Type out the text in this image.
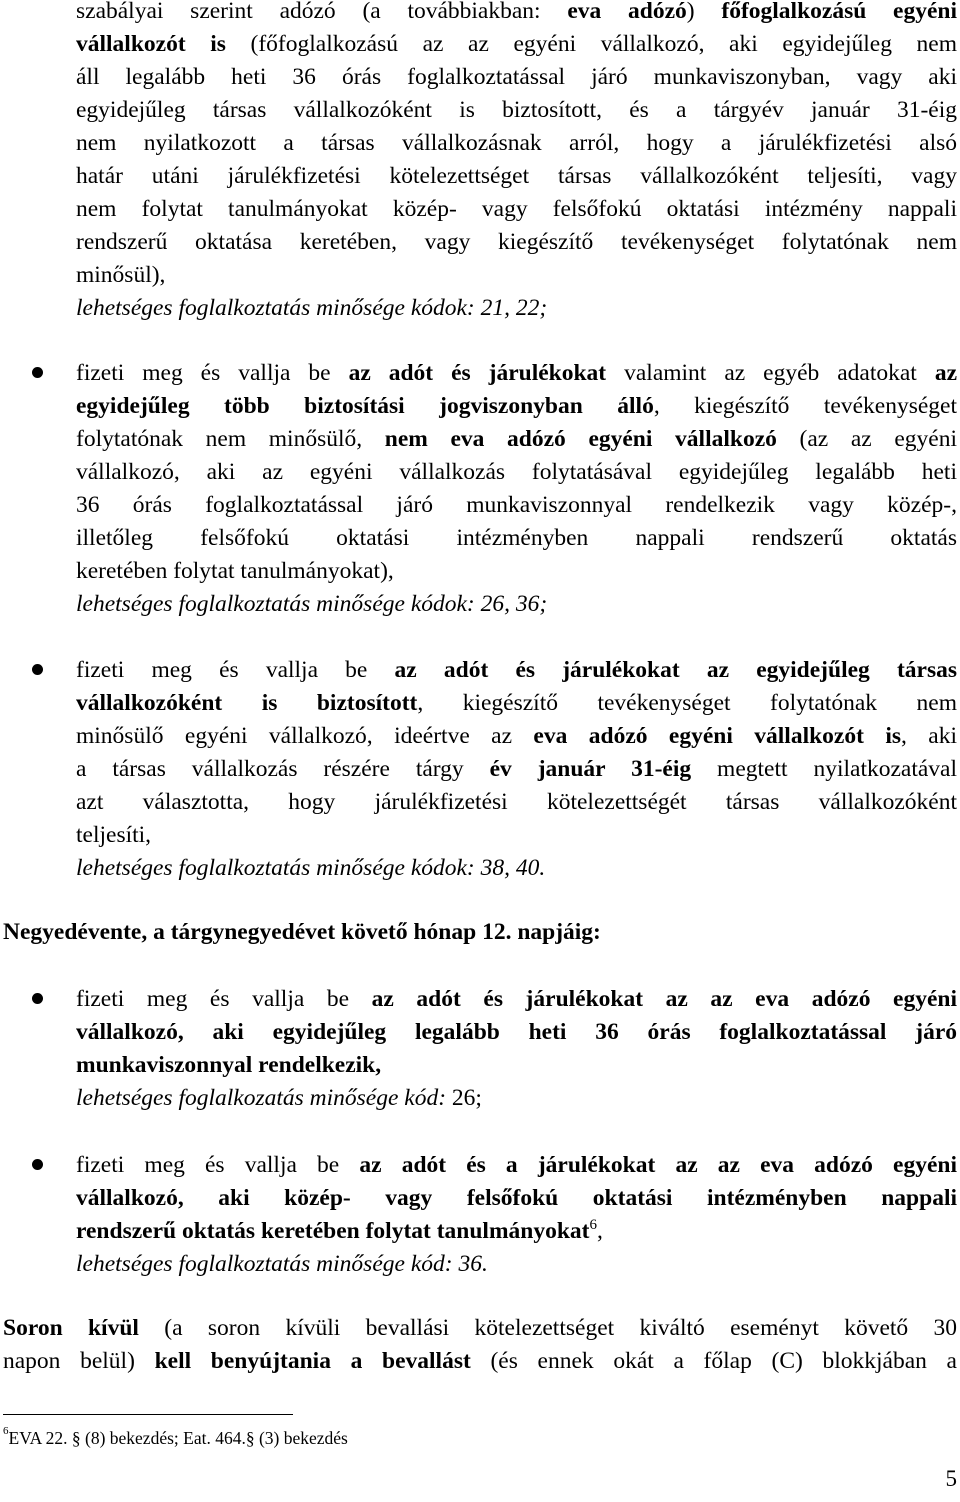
szabályai szerint adózó (a továbbiakban: eva adózó) főfoglalkozású egyéni
vállalkozót is (főfoglalkozású az az egyéni vállalkozó, aki egyidejűleg nem
áll legalább heti 36 órás foglalkoztatással járó munkaviszonyban, vagy aki
egyidejűleg társas vállalkozóként is biztosított, és a tárgyév január 31-éig
nem nyilatkozott a társas vállalkozásnak arról, hogy a járulékfizetési alsó
határ utáni járulékfizetési kötelezettséget társas vállalkozóként teljesíti, vagy
nem folytat tanulmányokat közép- vagy felsőfokú oktatási intézmény nappali
rendszerű oktatása keretében, vagy kiegészítő tevékenységet folytatónak nem
minősül),
lehetséges foglalkoztatás minősége kódok: 21, 22;
fizeti meg és vallja be az adót és járulékokat valamint az egyéb adatokat az
egyidejűleg több biztosítási jogviszonyban álló, kiegészítő tevékenységet
folytatónak nem minősülő, nem eva adózó egyéni vállalkozó (az az egyéni
vállalkozó, aki az egyéni vállalkozás folytatásával egyidejűleg legalább heti
36 órás foglalkoztatással járó munkaviszonnyal rendelkezik vagy közép-,
illetőleg felsőfokú oktatási intézményben nappali rendszerű oktatás
keretében folytat tanulmányokat),
lehetséges foglalkoztatás minősége kódok: 26, 36;
fizeti meg és vallja be az adót és járulékokat az egyidejűleg társas
vállalkozóként is biztosított, kiegészítő tevékenységet folytatónak nem
minősülő egyéni vállalkozó, ideértve az eva adózó egyéni vállalkozót is, aki
a társas vállalkozás részére tárgy év január 31-éig megtett nyilatkozatával
azt választotta, hogy járulékfizetési kötelezettségét társas vállalkozóként
teljesíti,
lehetséges foglalkoztatás minősége kódok: 38, 40.
Negyedévente, a tárgynegyedévet követő hónap 12. napjáig:
fizeti meg és vallja be az adót és járulékokat az az eva adózó egyéni
vállalkozó, aki egyidejűleg legalább heti 36 órás foglalkoztatással járó
munkaviszonnyal rendelkezik,
lehetséges foglalkozatás minősége kód: 26;
fizeti meg és vallja be az adót és a járulékokat az az eva adózó egyéni
vállalkozó, aki közép- vagy felsőfokú oktatási intézményben nappali
rendszerű oktatás keretében folytat tanulmányokat$^6$,
lehetséges foglalkoztatás minősége kód: 36.
Soron kívül (a soron kívüli bevallási kötelezettséget kiváltó eseményt követő 30
napon belül) kell benyújtania a bevallást (és ennek okát a főlap (C) blokkjában a
$^6$EVA 22. § (8) bekezdés; Eat. 464.§ (3) bekezdés
5
